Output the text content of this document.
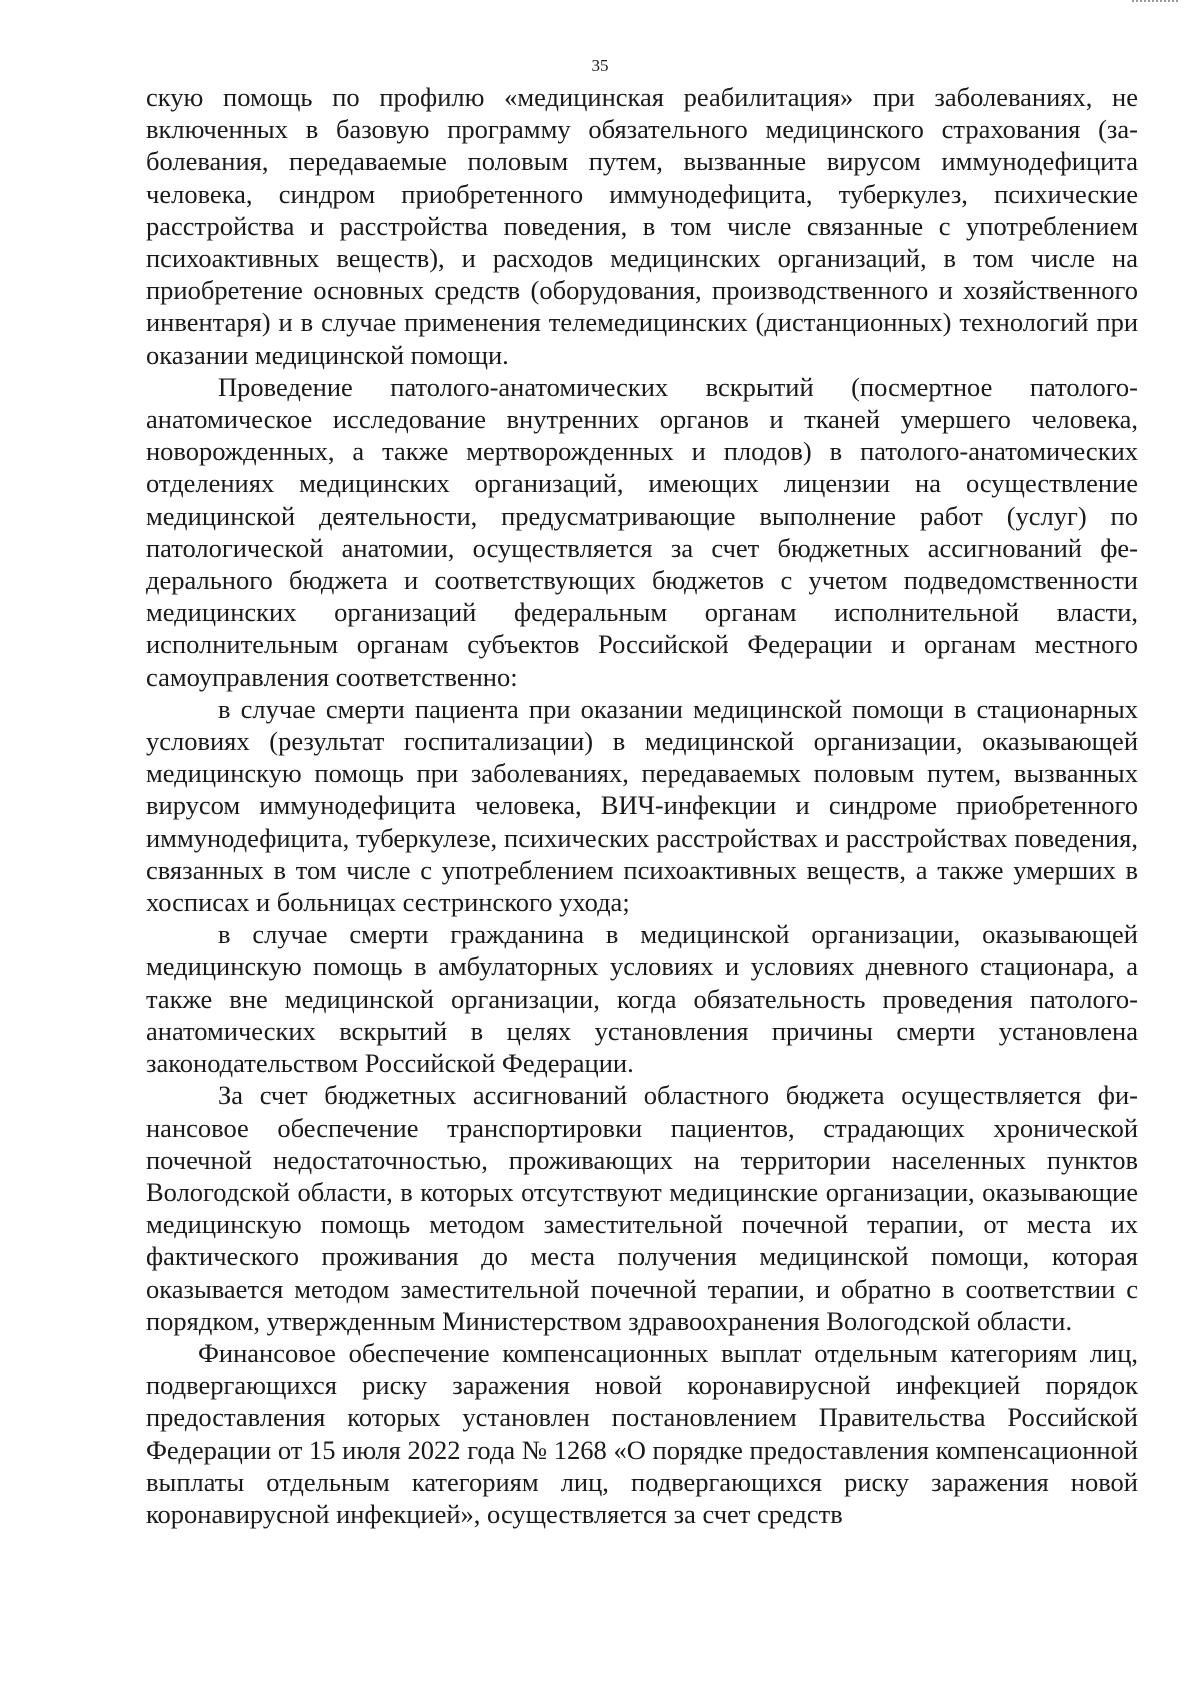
35

скую помощь по профилю «медицинская реабилитация» при заболеваниях, не включенных в базовую программу обязательного медицинского страхования (заболевания, передаваемые половым путем, вызванные вирусом иммунодефицита человека, синдром приобретенного иммунодефицита, туберкулез, психические расстройства и расстройства поведения, в том числе связанные с употреблением психоактивных веществ), и расходов медицинских организаций, в том числе на приобретение основных средств (оборудования, производственного и хозяйственного инвентаря) и в случае применения телемедицинских (дистанционных) технологий при оказании медицинской помощи.

Проведение патолого-анатомических вскрытий (посмертное патолого-анатомическое исследование внутренних органов и тканей умершего человека, новорожденных, а также мертворожденных и плодов) в патолого-анатомических отделениях медицинских организаций, имеющих лицензии на осуществление медицинской деятельности, предусматривающие выполнение работ (услуг) по патологической анатомии, осуществляется за счет бюджетных ассигнований федерального бюджета и соответствующих бюджетов с учетом подведомственности медицинских организаций федеральным органам исполнительной власти, исполнительным органам субъектов Российской Федерации и органам местного самоуправления соответственно:

в случае смерти пациента при оказании медицинской помощи в стационарных условиях (результат госпитализации) в медицинской организации, оказывающей медицинскую помощь при заболеваниях, передаваемых половым путем, вызванных вирусом иммунодефицита человека, ВИЧ-инфекции и синдроме приобретенного иммунодефицита, туберкулезе, психических расстройствах и расстройствах поведения, связанных в том числе с употреблением психоактивных веществ, а также умерших в хосписах и больницах сестринского ухода;

в случае смерти гражданина в медицинской организации, оказывающей медицинскую помощь в амбулаторных условиях и условиях дневного стационара, а также вне медицинской организации, когда обязательность проведения патолого-анатомических вскрытий в целях установления причины смерти установлена законодательством Российской Федерации.

За счет бюджетных ассигнований областного бюджета осуществляется финансовое обеспечение транспортировки пациентов, страдающих хронической почечной недостаточностью, проживающих на территории населенных пунктов Вологодской области, в которых отсутствуют медицинские организации, оказывающие медицинскую помощь методом заместительной почечной терапии, от места их фактического проживания до места получения медицинской помощи, которая оказывается методом заместительной почечной терапии, и обратно в соответствии с порядком, утвержденным Министерством здравоохранения Вологодской области.

Финансовое обеспечение компенсационных выплат отдельным категориям лиц, подвергающихся риску заражения новой коронавирусной инфекцией порядок предоставления которых установлен постановлением Правительства Российской Федерации от 15 июля 2022 года № 1268 «О порядке предоставления компенсационной выплаты отдельным категориям лиц, подвергающихся риску заражения новой коронавирусной инфекцией», осуществляется за счет средств
